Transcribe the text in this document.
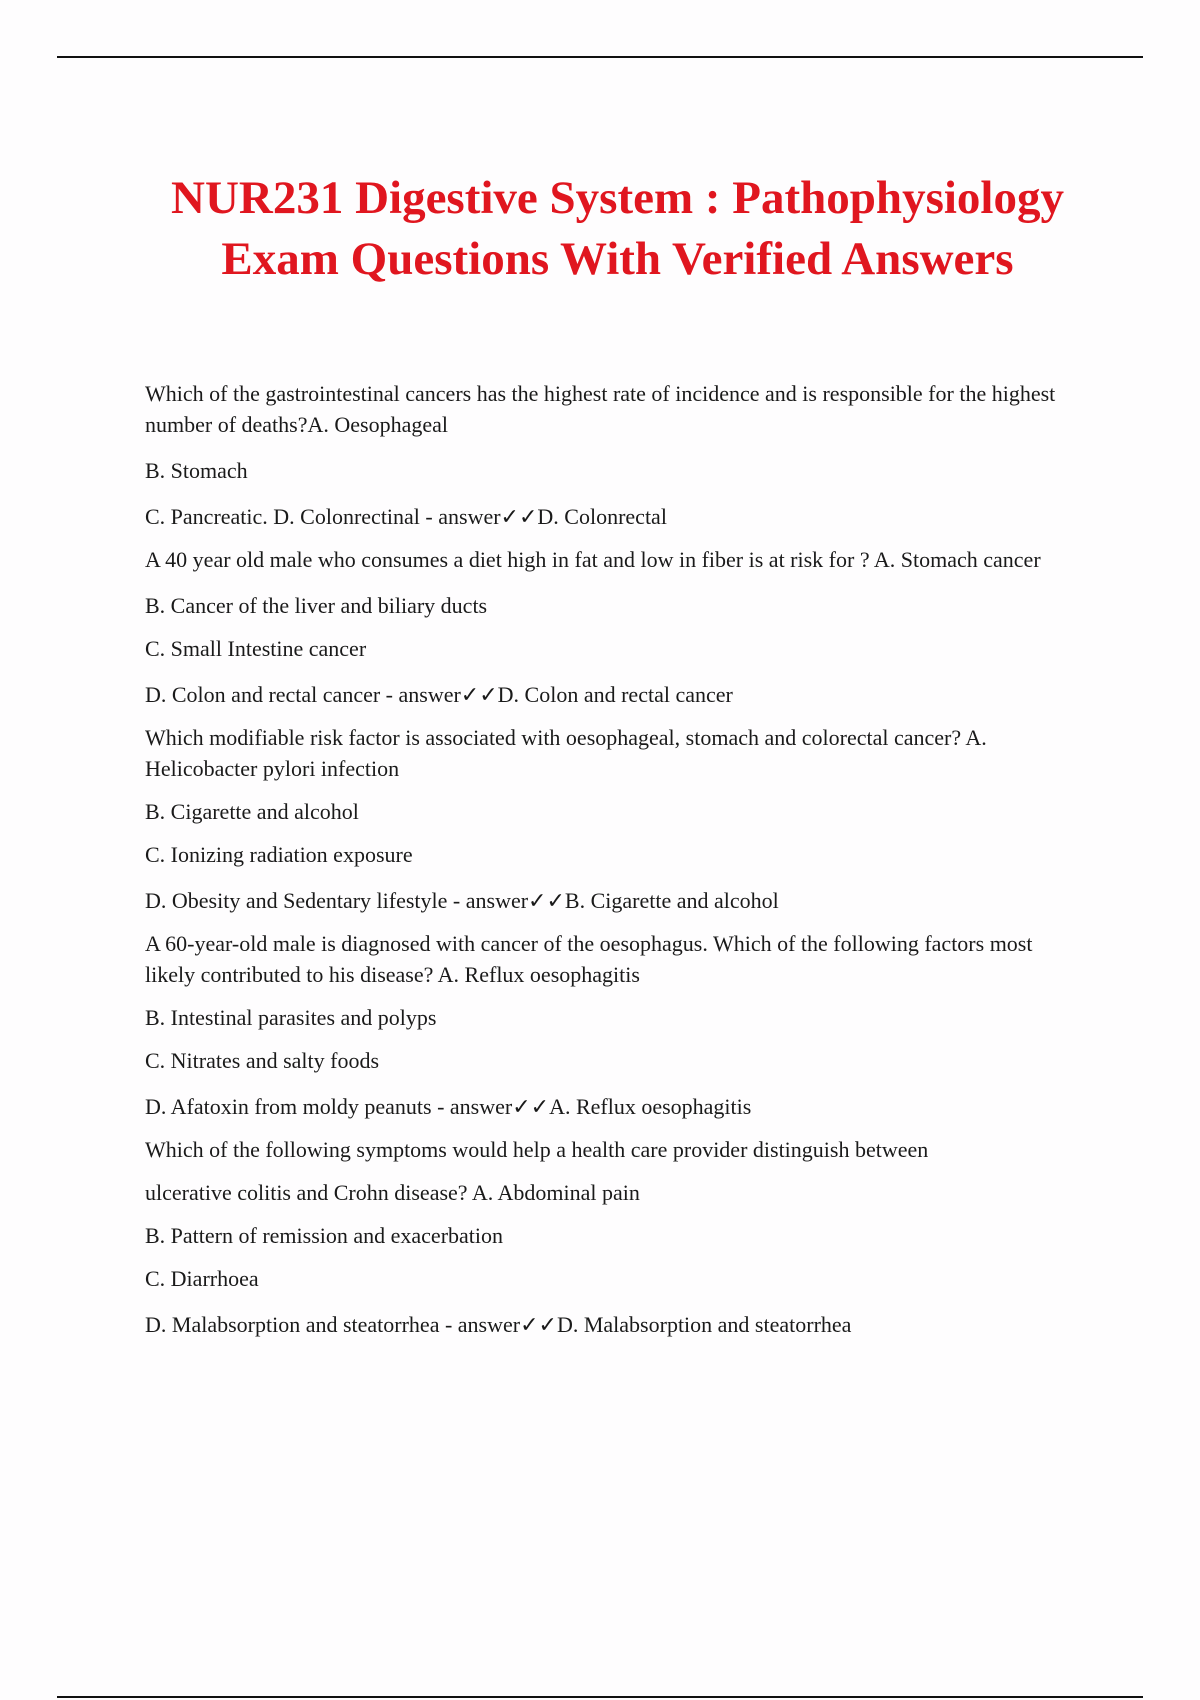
NUR231 Digestive System : Pathophysiology
Exam Questions With Verified Answers

Which of the gastrointestinal cancers has the highest rate of incidence and is responsible for the highest number of deaths?A. Oesophageal

B. Stomach

C. Pancreatic. D. Colonrectinal - answer✓✓D. Colonrectal

A 40 year old male who consumes a diet high in fat and low in fiber is at risk for ? A. Stomach cancer

B. Cancer of the liver and biliary ducts

C. Small Intestine cancer

D. Colon and rectal cancer - answer✓✓D. Colon and rectal cancer

Which modifiable risk factor is associated with oesophageal, stomach and colorectal cancer? A. Helicobacter pylori infection

B. Cigarette and alcohol

C. Ionizing radiation exposure

D. Obesity and Sedentary lifestyle - answer✓✓B. Cigarette and alcohol

A 60-year-old male is diagnosed with cancer of the oesophagus. Which of the following factors most likely contributed to his disease? A. Reflux oesophagitis

B. Intestinal parasites and polyps

C. Nitrates and salty foods

D. Afatoxin from moldy peanuts - answer✓✓A. Reflux oesophagitis

Which of the following symptoms would help a health care provider distinguish between

ulcerative colitis and Crohn disease? A. Abdominal pain

B. Pattern of remission and exacerbation

C. Diarrhoea

D. Malabsorption and steatorrhea - answer✓✓D. Malabsorption and steatorrhea
